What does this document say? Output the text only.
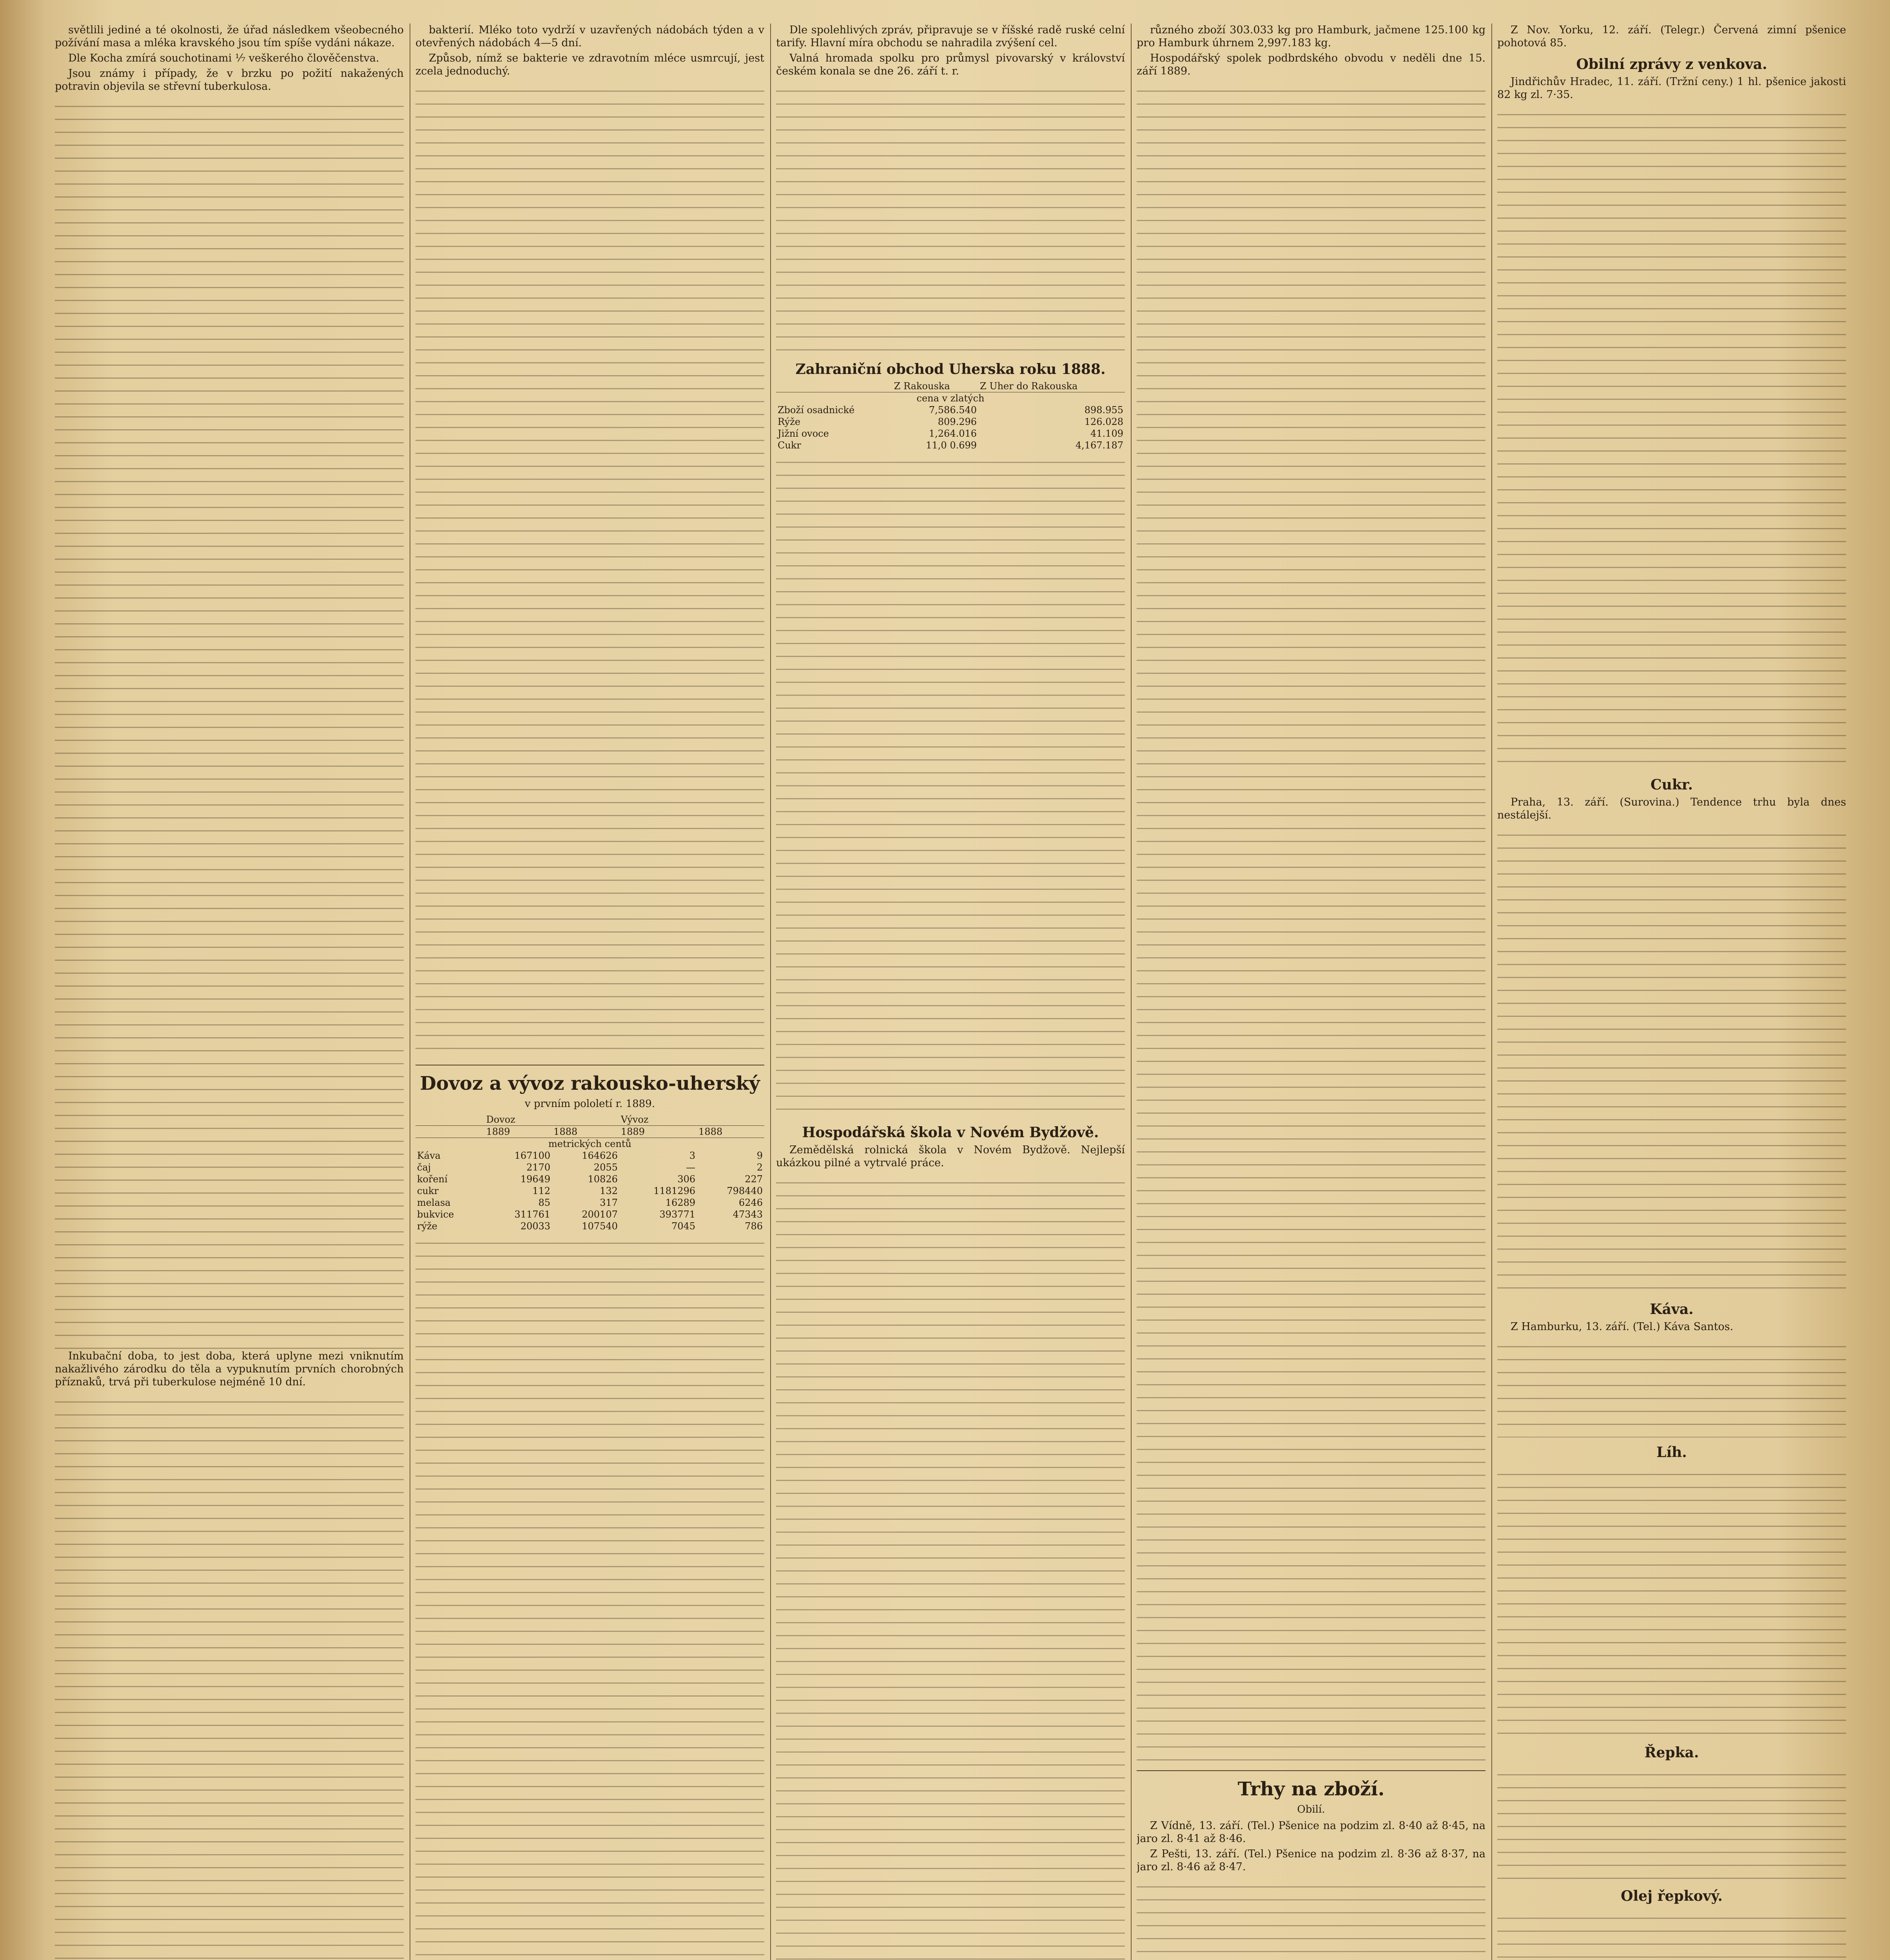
světlili jediné a té okolnosti, že úřad následkem všeobecného požívání masa a mléka kravského jsou tím spíše vydáni nákaze.

Dle Kocha zmírá souchotinami ⅐ veškerého člověčenstva.

Jsou známy i případy, že v brzku po požití nakažených potravin objevila se střevní tuberkulosa.

Inkubační doba, to jest doba, která uplyne mezi vniknutím nakažlivého zárodku do těla a vypuknutím prvních chorobných příznaků, trvá při tuberkulose nejméně 10 dní.

bakterií. Mléko toto vydrží v uzavřených nádobách týden a v otevřených nádobách 4—5 dní.

Způsob, nímž se bakterie ve zdravotním mléce usmrcují, jest zcela jednoduchý.

Dovoz a vývoz rakousko-uherský
v prvním pololetí r. 1889.
	Dovoz		Vývoz	
	1889	1888	1889	1888
metrických centů				
Káva	167100	164626	3	9
čaj	2170	2055	—	2
koření	19649	10826	306	227
cukr	112	132	1181296	798440
melasa	85	317	16289	6246
bukvice	311761	200107	393771	47343
rýže	20033	107540	7045	786

Dle spolehlivých zpráv, připravuje se v říšské radě ruské celní tarify. Hlavní míra obchodu se nahradila zvýšení cel.

Valná hromada spolku pro průmysl pivovarský v království českém konala se dne 26. září t. r.

Zahraniční obchod Uherska roku 1888.
	Z Rakouska	Z Uher do Rakouska
cena v zlatých		
Zboží osadnické	7,586.540	898.955
Rýže	809.296	126.028
Jižní ovoce	1,264.016	41.109
Cukr	11,0 0.699	4,167.187
Hospodářská škola v Novém Bydžově.

Zemědělská rolnická škola v Novém Bydžově. Nejlepší ukázkou pilné a vytrvalé práce.

různého zboží 303.033 kg pro Hamburk, jačmene 125.100 kg pro Hamburk úhrnem 2,997.183 kg.

Hospodářský spolek podbrdského obvodu v neděli dne 15. září 1889.

Trhy na zboží.
Obilí.

Z Vídně, 13. září. (Tel.) Pšenice na podzim zl. 8·40 až 8·45, na jaro zl. 8·41 až 8·46.

Z Pešti, 13. září. (Tel.) Pšenice na podzim zl. 8·36 až 8·37, na jaro zl. 8·46 až 8·47.

Z Nov. Yorku, 12. září. (Telegr.) Červená zimní pšenice pohotová 85.

Obilní zprávy z venkova.

Jindřichův Hradec, 11. září. (Tržní ceny.) 1 hl. pšenice jakosti 82 kg zl. 7·35.

Cukr.

Praha, 13. září. (Surovina.) Tendence trhu byla dnes nestálejší.

Káva.

Z Hamburku, 13. září. (Tel.) Káva Santos.

Líh.
Řepka.
Olej řepkový.
